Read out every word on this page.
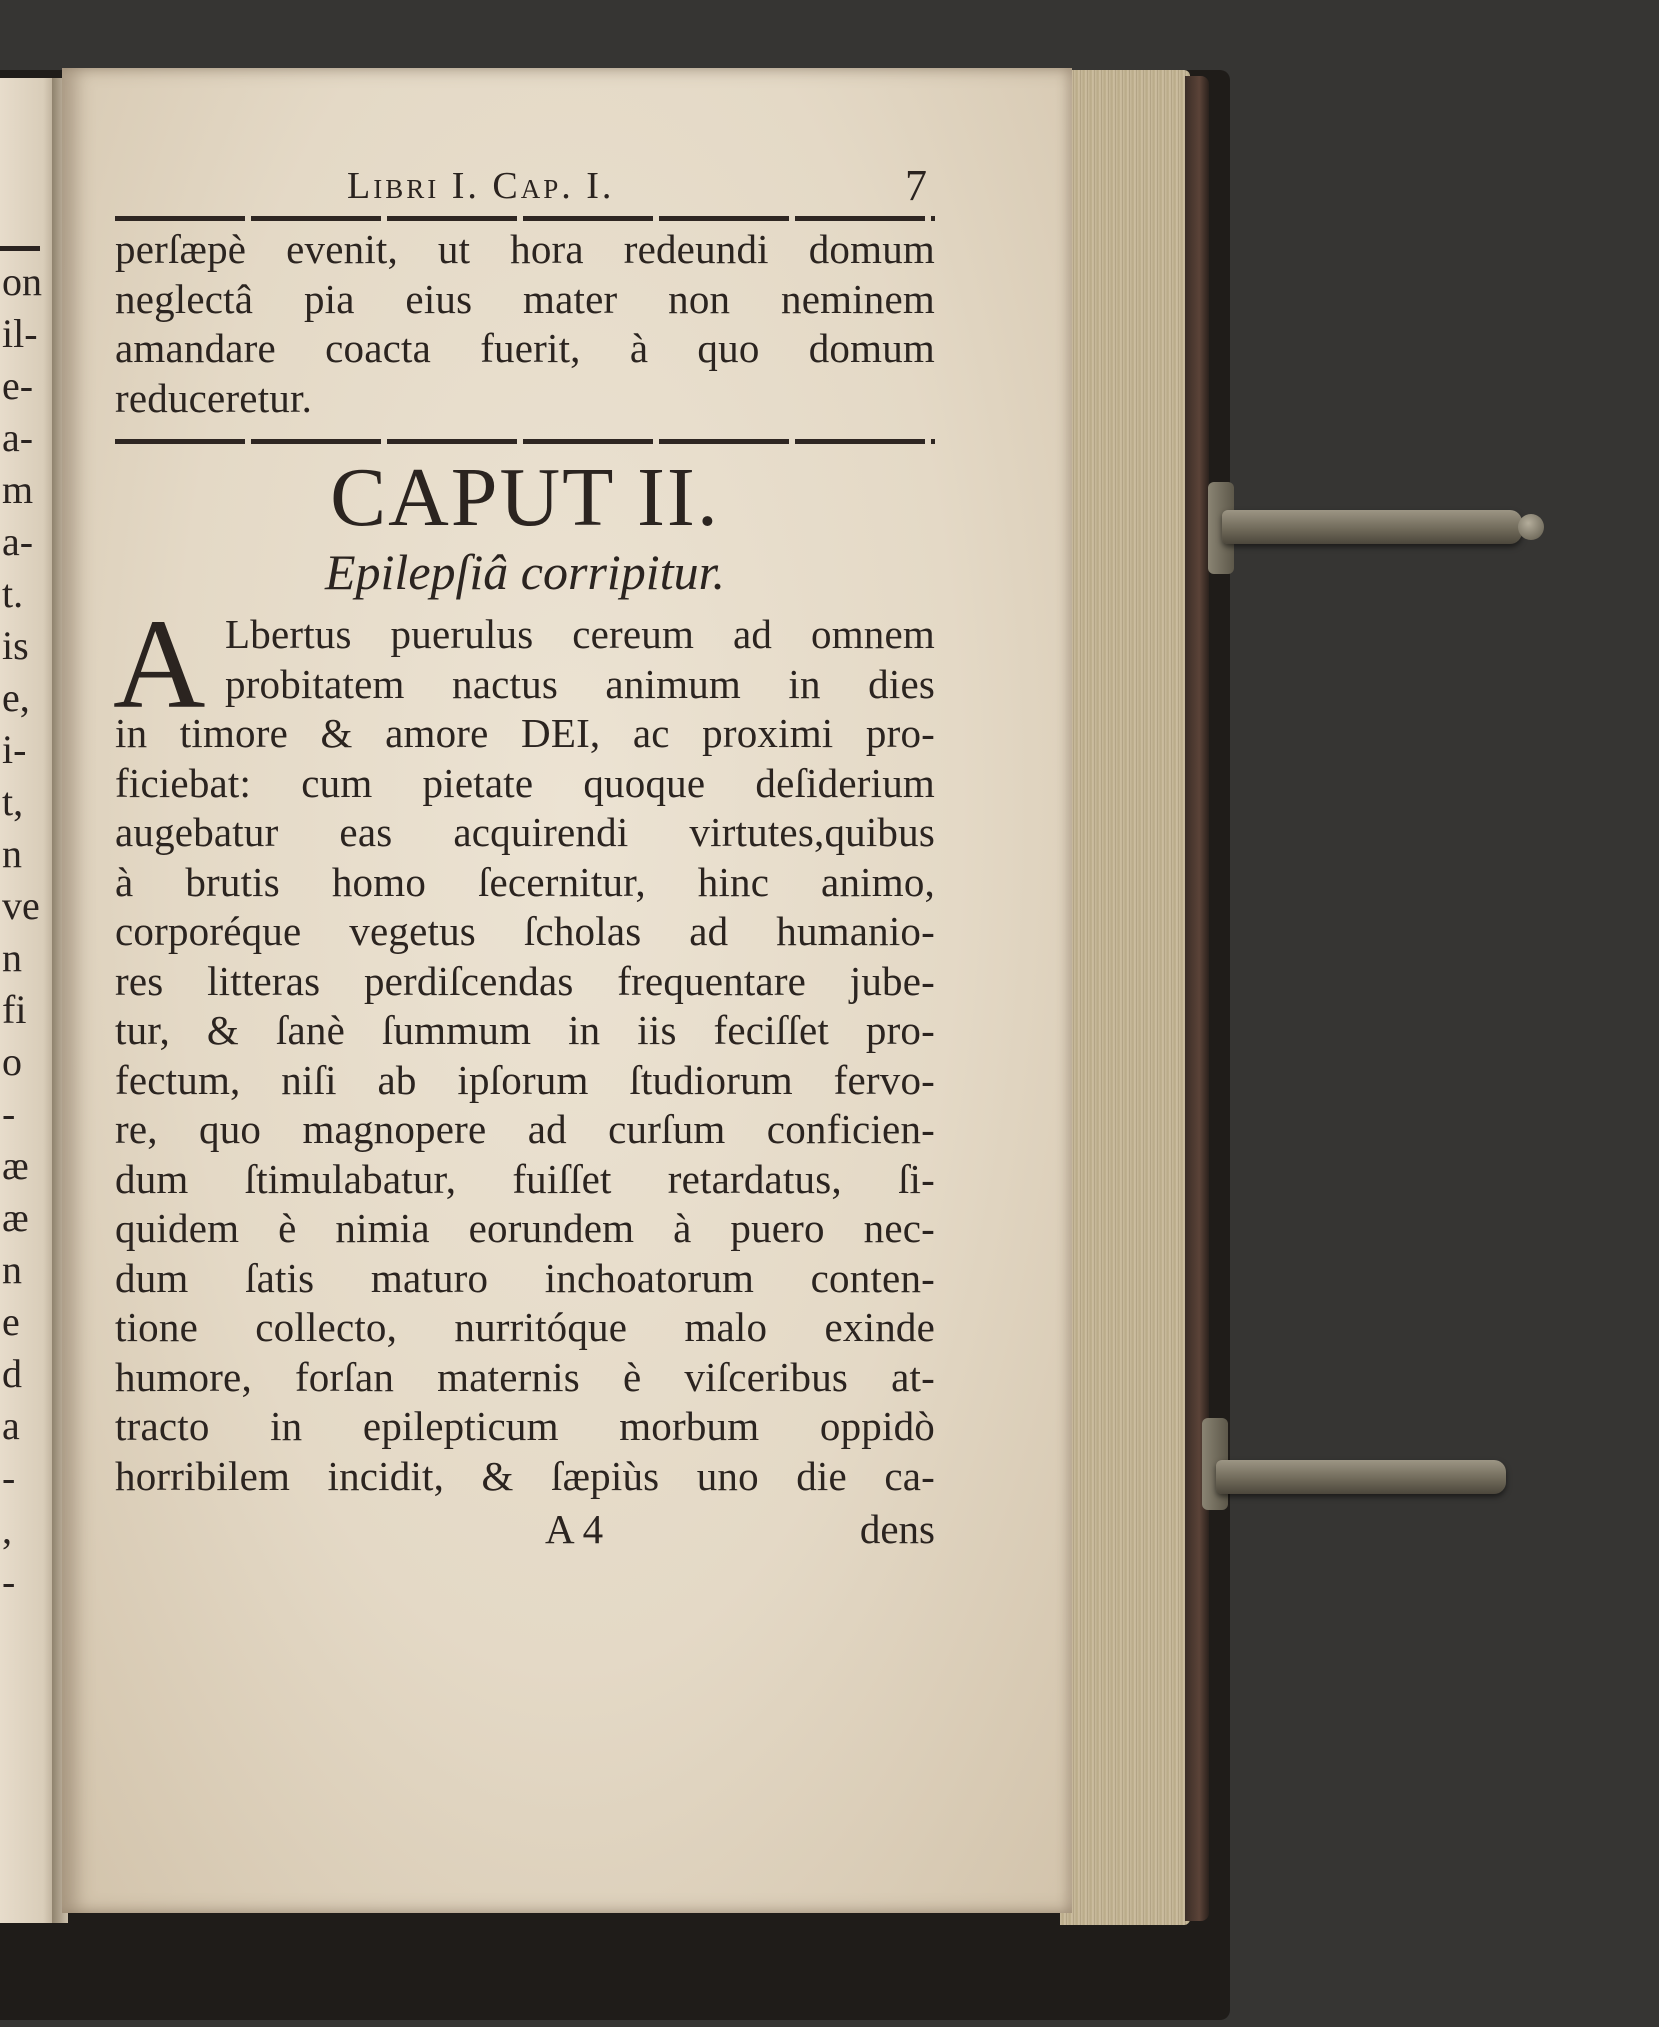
on
il-
e-
a-
m
a-
t.
is
e,
i-
t,
n
ve
n
fi
o
-
æ
æ
n
e
d
a
-
,
-
Libri I. Cap. I.	7
perſæpè evenit, ut hora redeundi domum
neglectâ pia eius mater non neminem
amandare coacta fuerit, à quo domum
reduceretur.
CAPUT II.
Epilepſiâ corripitur.
A Lbertus puerulus cereum ad omnem
probitatem nactus animum in dies
in timore & amore DEI, ac proximi pro-
ficiebat: cum pietate quoque deſiderium
augebatur eas acquirendi virtutes,quibus
à brutis homo ſecernitur, hinc animo,
corporéque vegetus ſcholas ad humanio-
res litteras perdiſcendas frequentare jube-
tur, & ſanè ſummum in iis feciſſet pro-
fectum, niſi ab ipſorum ſtudiorum fervo-
re, quo magnopere ad curſum conficien-
dum ſtimulabatur, fuiſſet retardatus, ſi-
quidem è nimia eorundem à puero nec-
dum ſatis maturo inchoatorum conten-
tione collecto, nurritóque malo exinde
humore, forſan maternis è viſceribus at-
tracto in epilepticum morbum oppidò
horribilem incidit, & ſæpiùs uno die ca-
A 4	dens
